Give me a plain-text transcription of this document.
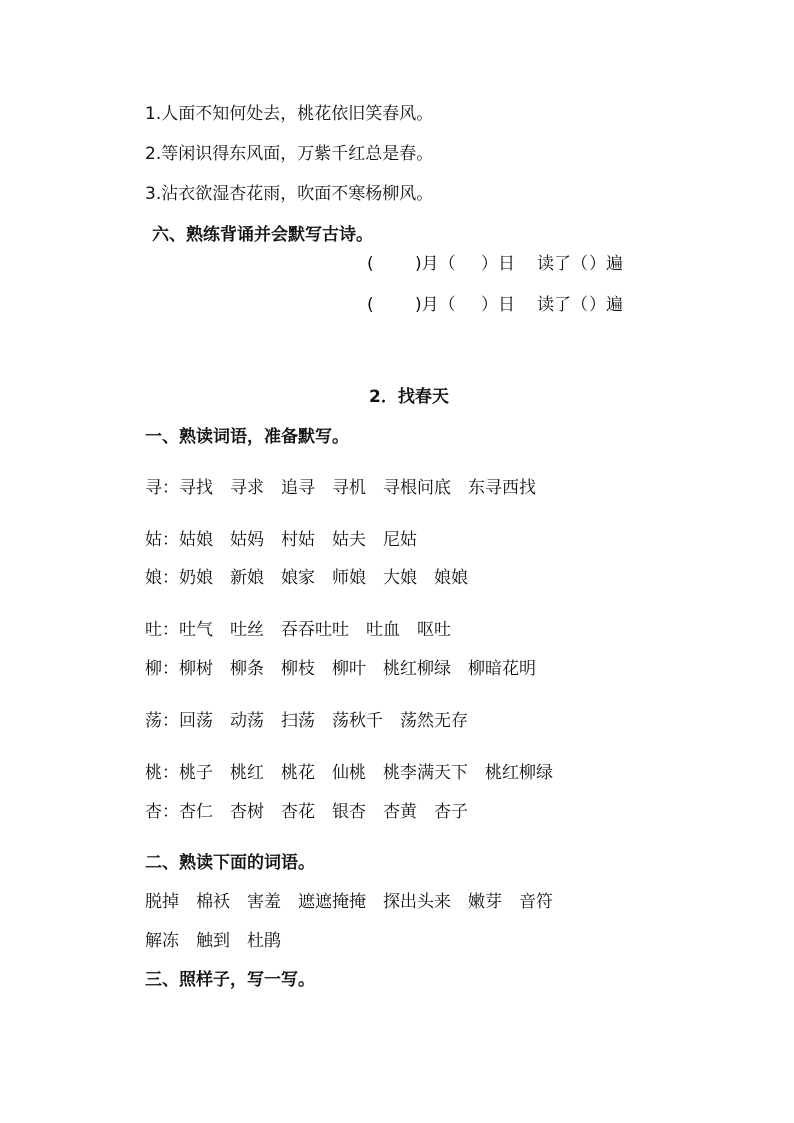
1.人面不知何处去，桃花依旧笑春风。
2.等闲识得东风面，万紫千红总是春。
3.沾衣欲湿杏花雨，吹面不寒杨柳风。
六、熟练背诵并会默写古诗。
( )月（ ）日 读了（）遍
( )月（ ）日 读了（）遍
2．找春天
一、熟读词语，准备默写。
寻：寻找 寻求 追寻 寻机 寻根问底 东寻西找
姑：姑娘 姑妈 村姑 姑夫 尼姑
娘：奶娘 新娘 娘家 师娘 大娘 娘娘
吐：吐气 吐丝 吞吞吐吐 吐血 呕吐
柳：柳树 柳条 柳枝 柳叶 桃红柳绿 柳暗花明
荡：回荡 动荡 扫荡 荡秋千 荡然无存
桃：桃子 桃红 桃花 仙桃 桃李满天下 桃红柳绿
杏：杏仁 杏树 杏花 银杏 杏黄 杏子
二、熟读下面的词语。
脱掉 棉袄 害羞 遮遮掩掩 探出头来 嫩芽 音符
解冻 触到 杜鹃
三、照样子，写一写。
